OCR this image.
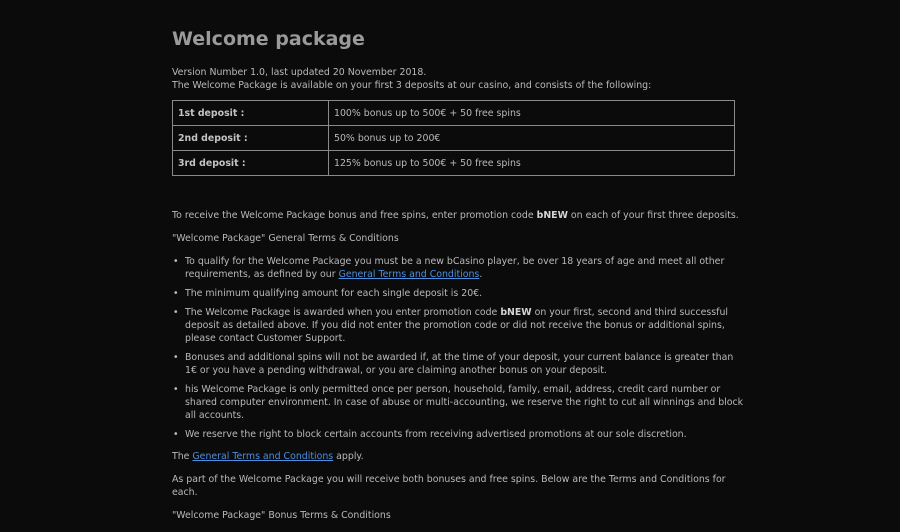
Welcome package
Version Number 1.0, last updated 20 November 2018.
The Welcome Package is available on your first 3 deposits at our casino, and consists of the following:
1st deposit :	100% bonus up to 500€ + 50 free spins
2nd deposit :	50% bonus up to 200€
3rd deposit :	125% bonus up to 500€ + 50 free spins

To receive the Welcome Package bonus and free spins, enter promotion code bNEW on each of your first three deposits.

"Welcome Package" General Terms & Conditions

• To qualify for the Welcome Package you must be a new bCasino player, be over 18 years of age and meet all other requirements, as defined by our General Terms and Conditions.
• The minimum qualifying amount for each single deposit is 20€.
• The Welcome Package is awarded when you enter promotion code bNEW on your first, second and third successful deposit as detailed above. If you did not enter the promotion code or did not receive the bonus or additional spins, please contact Customer Support.
• Bonuses and additional spins will not be awarded if, at the time of your deposit, your current balance is greater than 1€ or you have a pending withdrawal, or you are claiming another bonus on your deposit.
• his Welcome Package is only permitted once per person, household, family, email, address, credit card number or shared computer environment. In case of abuse or multi-accounting, we reserve the right to cut all winnings and block all accounts.
• We reserve the right to block certain accounts from receiving advertised promotions at our sole discretion.

The General Terms and Conditions apply.

As part of the Welcome Package you will receive both bonuses and free spins. Below are the Terms and Conditions for each.

"Welcome Package" Bonus Terms & Conditions
